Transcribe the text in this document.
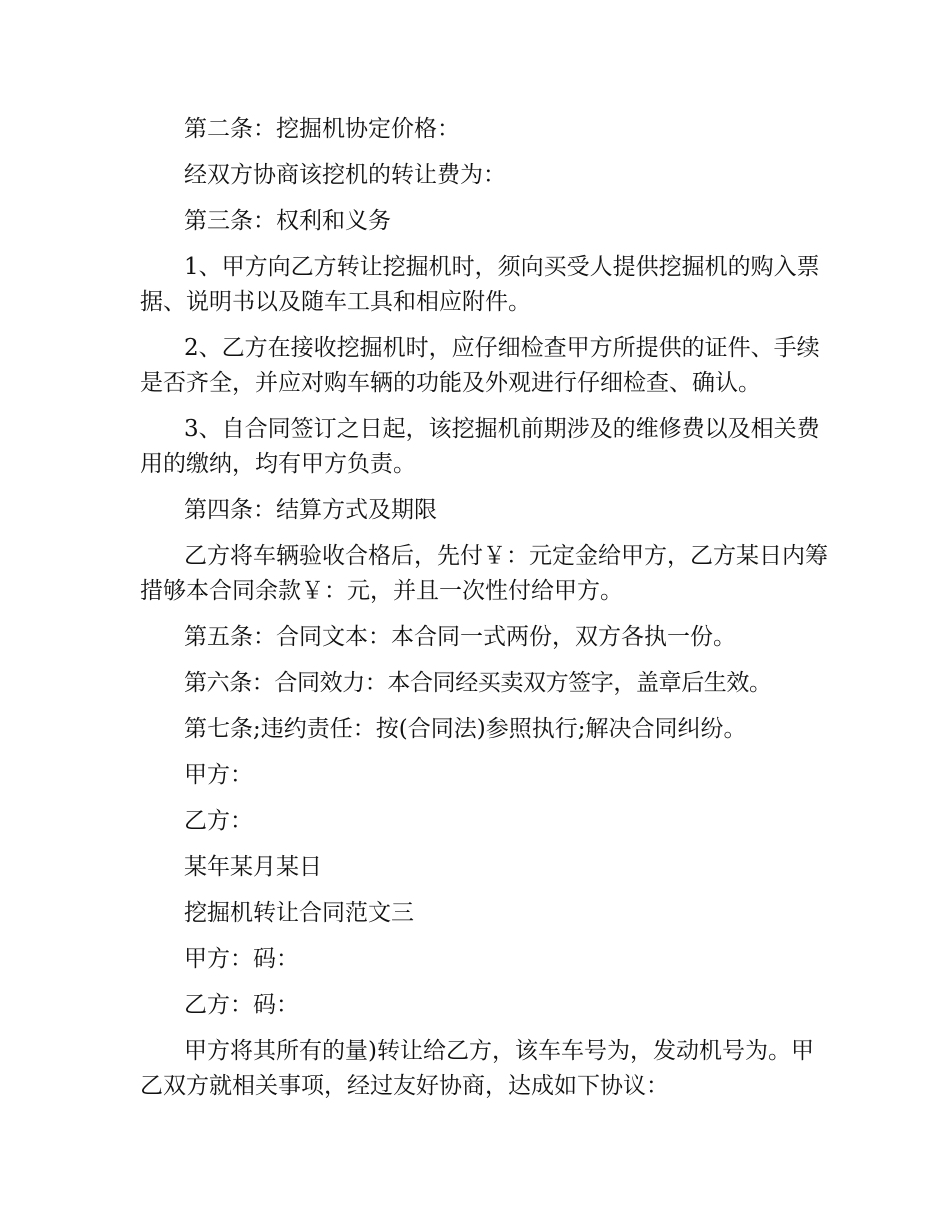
第二条：挖掘机协定价格：

经双方协商该挖机的转让费为：

第三条：权利和义务

1、甲方向乙方转让挖掘机时，须向买受人提供挖掘机的购入票据、说明书以及随车工具和相应附件。

2、乙方在接收挖掘机时，应仔细检查甲方所提供的证件、手续是否齐全，并应对购车辆的功能及外观进行仔细检查、确认。

3、自合同签订之日起，该挖掘机前期涉及的维修费以及相关费用的缴纳，均有甲方负责。

第四条：结算方式及期限

乙方将车辆验收合格后，先付￥：元定金给甲方，乙方某日内筹措够本合同余款￥：元，并且一次性付给甲方。

第五条：合同文本：本合同一式两份，双方各执一份。

第六条：合同效力：本合同经买卖双方签字，盖章后生效。

第七条;违约责任：按(合同法)参照执行;解决合同纠纷。

甲方：

乙方：

某年某月某日

挖掘机转让合同范文三

甲方：码：

乙方：码：

甲方将其所有的量)转让给乙方，该车车号为，发动机号为。甲乙双方就相关事项，经过友好协商，达成如下协议：
